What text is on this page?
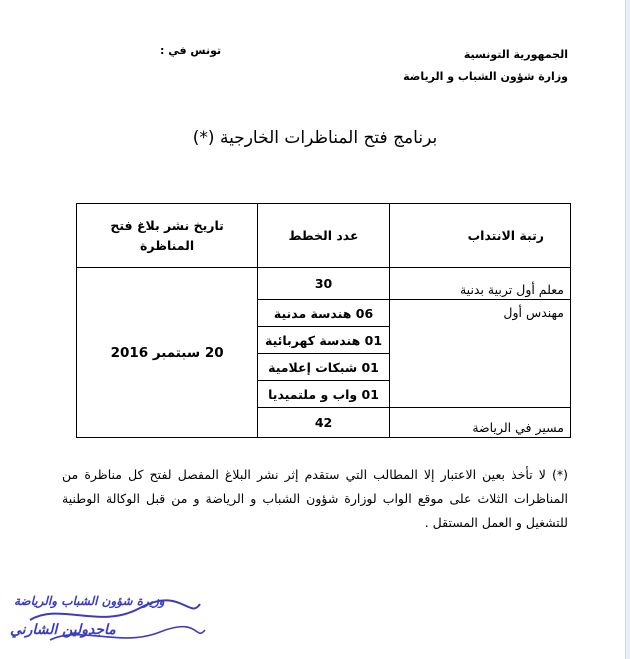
الجمهورية التونسية
وزارة شؤون الشباب و الرياضة
تونس في :
برنامج فتح المناظرات الخارجية (*)
رتبة الانتداب	عدد الخطط	تاريخ نشر بلاغ فتح المناظرة
معلم أول تربية بدنية	30	20 سبتمبر 2016
مهندس أول	06 هندسة مدنية	
	01 هندسة كهربائية	
	01 شبكات إعلامية	
	01 واب و ملتميديا	
مسير في الرياضة	42	
(*) لا تأخذ بعين الاعتبار إلا المطالب التي ستقدم إثر نشر البلاغ المفصل لفتح كل مناظرة من المناظرات الثلاث على موقع الواب لوزارة شؤون الشباب و الرياضة و من قبل الوكالة الوطنية للتشغيل و العمل المستقل .
وزيرة شؤون الشباب والرياضة
ماجدولين الشارني
